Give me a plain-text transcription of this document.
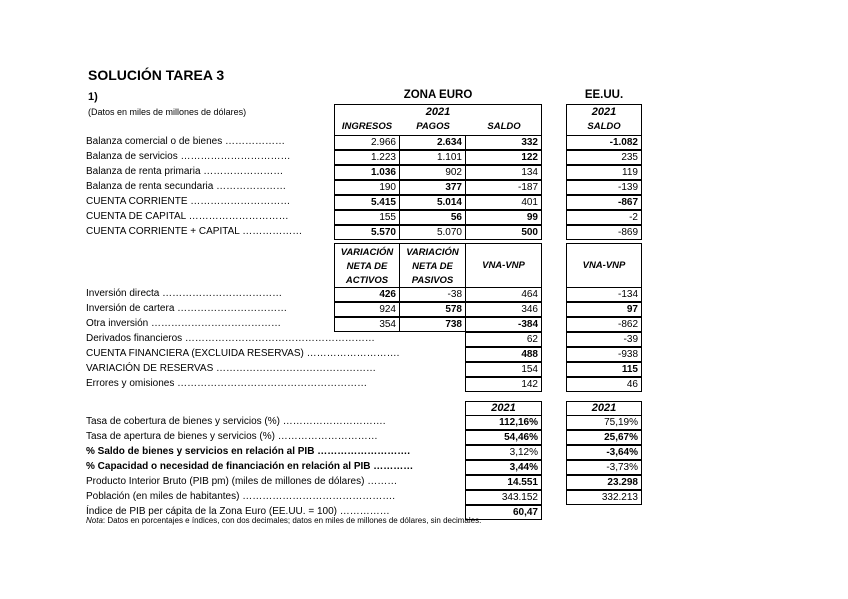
SOLUCIÓN TAREA 3
1)
(Datos en miles de millones de dólares)
ZONA EURO	EE.UU.
2021	2021
INGRESOS	PAGOS	SALDO	SALDO
Balanza comercial o de bienes ………………	2.966	2.634	332	-1.082
Balanza de servicios ……………………………	1.223	1.101	122	235
Balanza de renta primaria ……………………	1.036	902	134	119
Balanza de renta secundaria …………………	190	377	-187	-139
CUENTA CORRIENTE …………………………	5.415	5.014	401	-867
CUENTA DE CAPITAL …………………………	155	56	99	-2
CUENTA CORRIENTE + CAPITAL ………………	5.570	5.070	500	-869
VARIACIÓN
NETA DE
ACTIVOS
VARIACIÓN
NETA DE
PASIVOS
VNA-VNP	VNA-VNP
Inversión directa ………………………………	426	-38	464	-134
Inversión de cartera ……………………………	924	578	346	97
Otra inversión …………………………………	354	738	-384	-862
Derivados financieros …………………………………………………	62	-39
CUENTA FINANCIERA (EXCLUIDA RESERVAS) ……………………….	488	-938
VARIACIÓN DE RESERVAS …………………………………………	154	115
Errores y omisiones …………………………………………………	142	46
2021	2021
Tasa de cobertura de bienes y servicios (%) ………………………….	112,16%	75,19%
Tasa de apertura de bienes y servicios (%) …………………………	54,46%	25,67%
% Saldo de bienes y servicios en relación al PIB ……………………….	3,12%	-3,64%
% Capacidad o necesidad de financiación en relación al PIB …………	3,44%	-3,73%
Producto Interior Bruto (PIB pm) (miles de millones de dólares) ………	14.551	23.298
Población (en miles de habitantes) ……………………………………….	343.152	332.213
Índice de PIB per cápita de la Zona Euro (EE.UU. = 100) ……………	60,47
Nota: Datos en porcentajes e índices, con dos decimales; datos en miles de millones de dólares, sin decimales.
